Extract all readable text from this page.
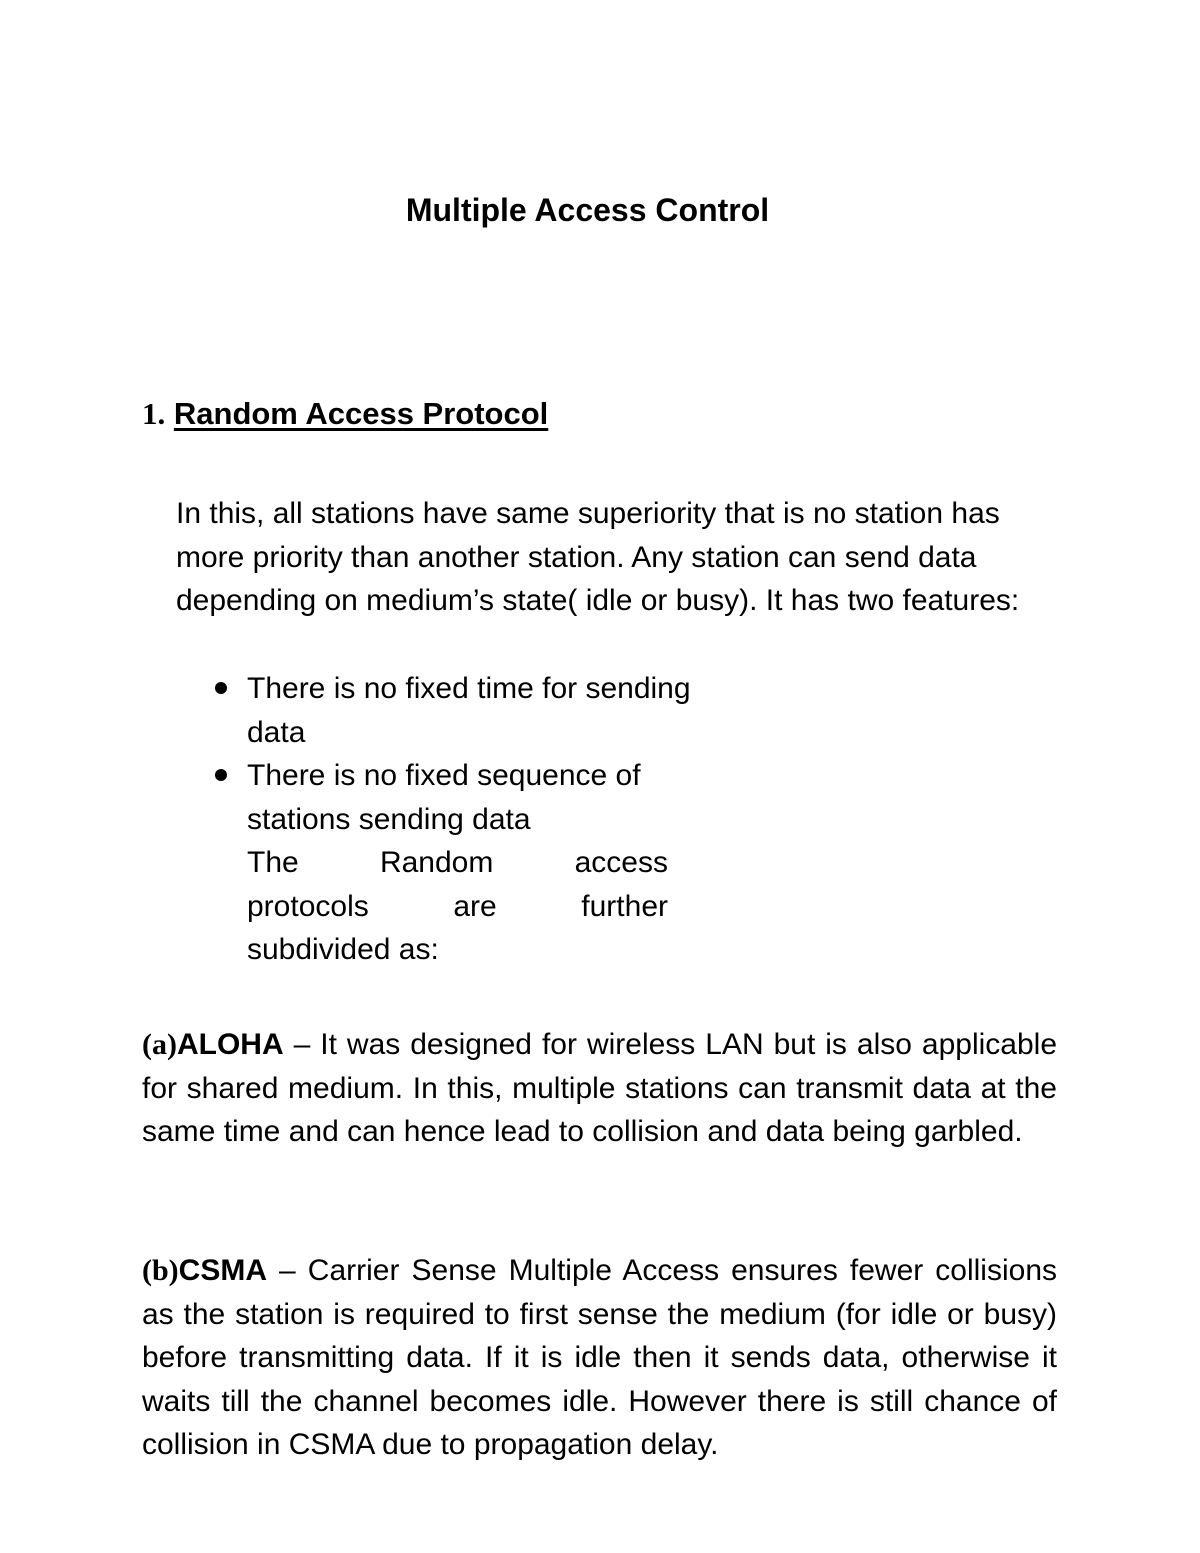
Multiple Access Control
1. Random Access Protocol

In this, all stations have same superiority that is no station has more priority than another station. Any station can send data depending on medium’s state( idle or busy). It has two features:

There is no fixed time for sending data
There is no fixed sequence of stations sending data

The Random access
protocols are further
subdivided as:

(a)ALOHA – It was designed for wireless LAN but is also applicable for shared medium. In this, multiple stations can transmit data at the same time and can hence lead to collision and data being garbled.

(b)CSMA – Carrier Sense Multiple Access ensures fewer collisions as the station is required to first sense the medium (for idle or busy) before transmitting data. If it is idle then it sends data, otherwise it waits till the channel becomes idle. However there is still chance of collision in CSMA due to propagation delay.
